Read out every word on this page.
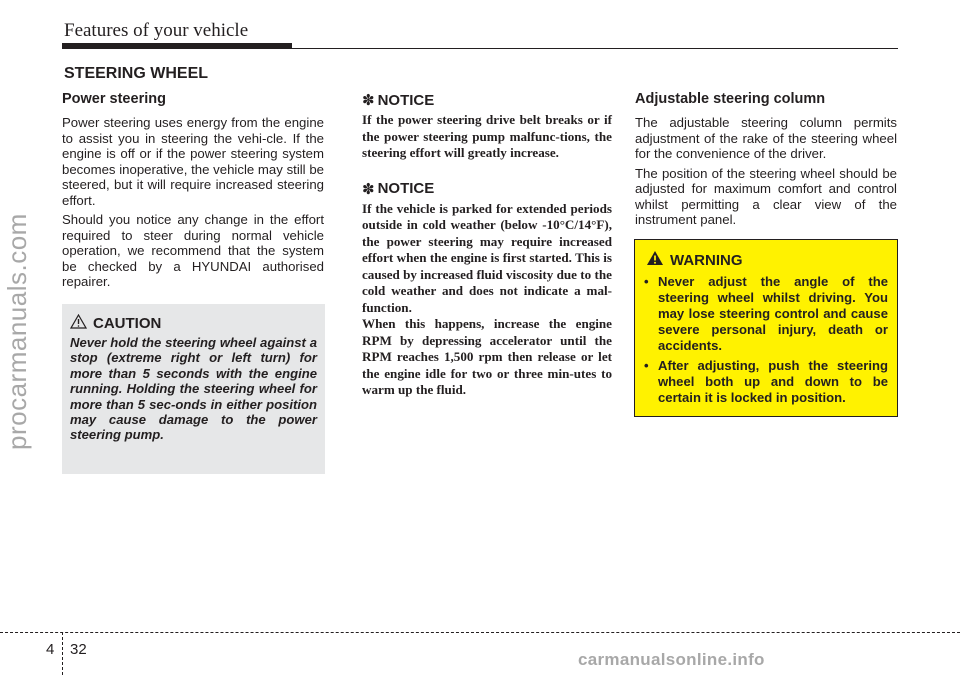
Features of your vehicle
STEERING WHEEL
Power steering

Power steering uses energy from the engine to assist you in steering the vehi-cle. If the engine is off or if the power steering system becomes inoperative, the vehicle may still be steered, but it will require increased steering effort.

Should you notice any change in the effort required to steer during normal vehicle operation, we recommend that the system be checked by a HYUNDAI authorised repairer.

CAUTION

Never hold the steering wheel against a stop (extreme right or left turn) for more than 5 seconds with the engine running. Holding the steering wheel for more than 5 sec-onds in either position may cause damage to the power steering pump.

✽ NOTICE

If the power steering drive belt breaks or if the power steering pump malfunc-tions, the steering effort will greatly increase.

✽ NOTICE

If the vehicle is parked for extended periods outside in cold weather (below -10°C/14°F), the power steering may require increased effort when the engine is first started. This is caused by increased fluid viscosity due to the cold weather and does not indicate a mal-function.

When this happens, increase the engine RPM by depressing accelerator until the RPM reaches 1,500 rpm then release or let the engine idle for two or three min-utes to warm up the fluid.

Adjustable steering column

The adjustable steering column permits adjustment of the rake of the steering wheel for the convenience of the driver.

The position of the steering wheel should be adjusted for maximum comfort and control whilst permitting a clear view of the instrument panel.

WARNING
• Never adjust the angle of the steering wheel whilst driving. You may lose steering control and cause severe personal injury, death or accidents.
• After adjusting, push the steering wheel both up and down to be certain it is locked in position.
procarmanuals.com
4 32
carmanualsonline.info
